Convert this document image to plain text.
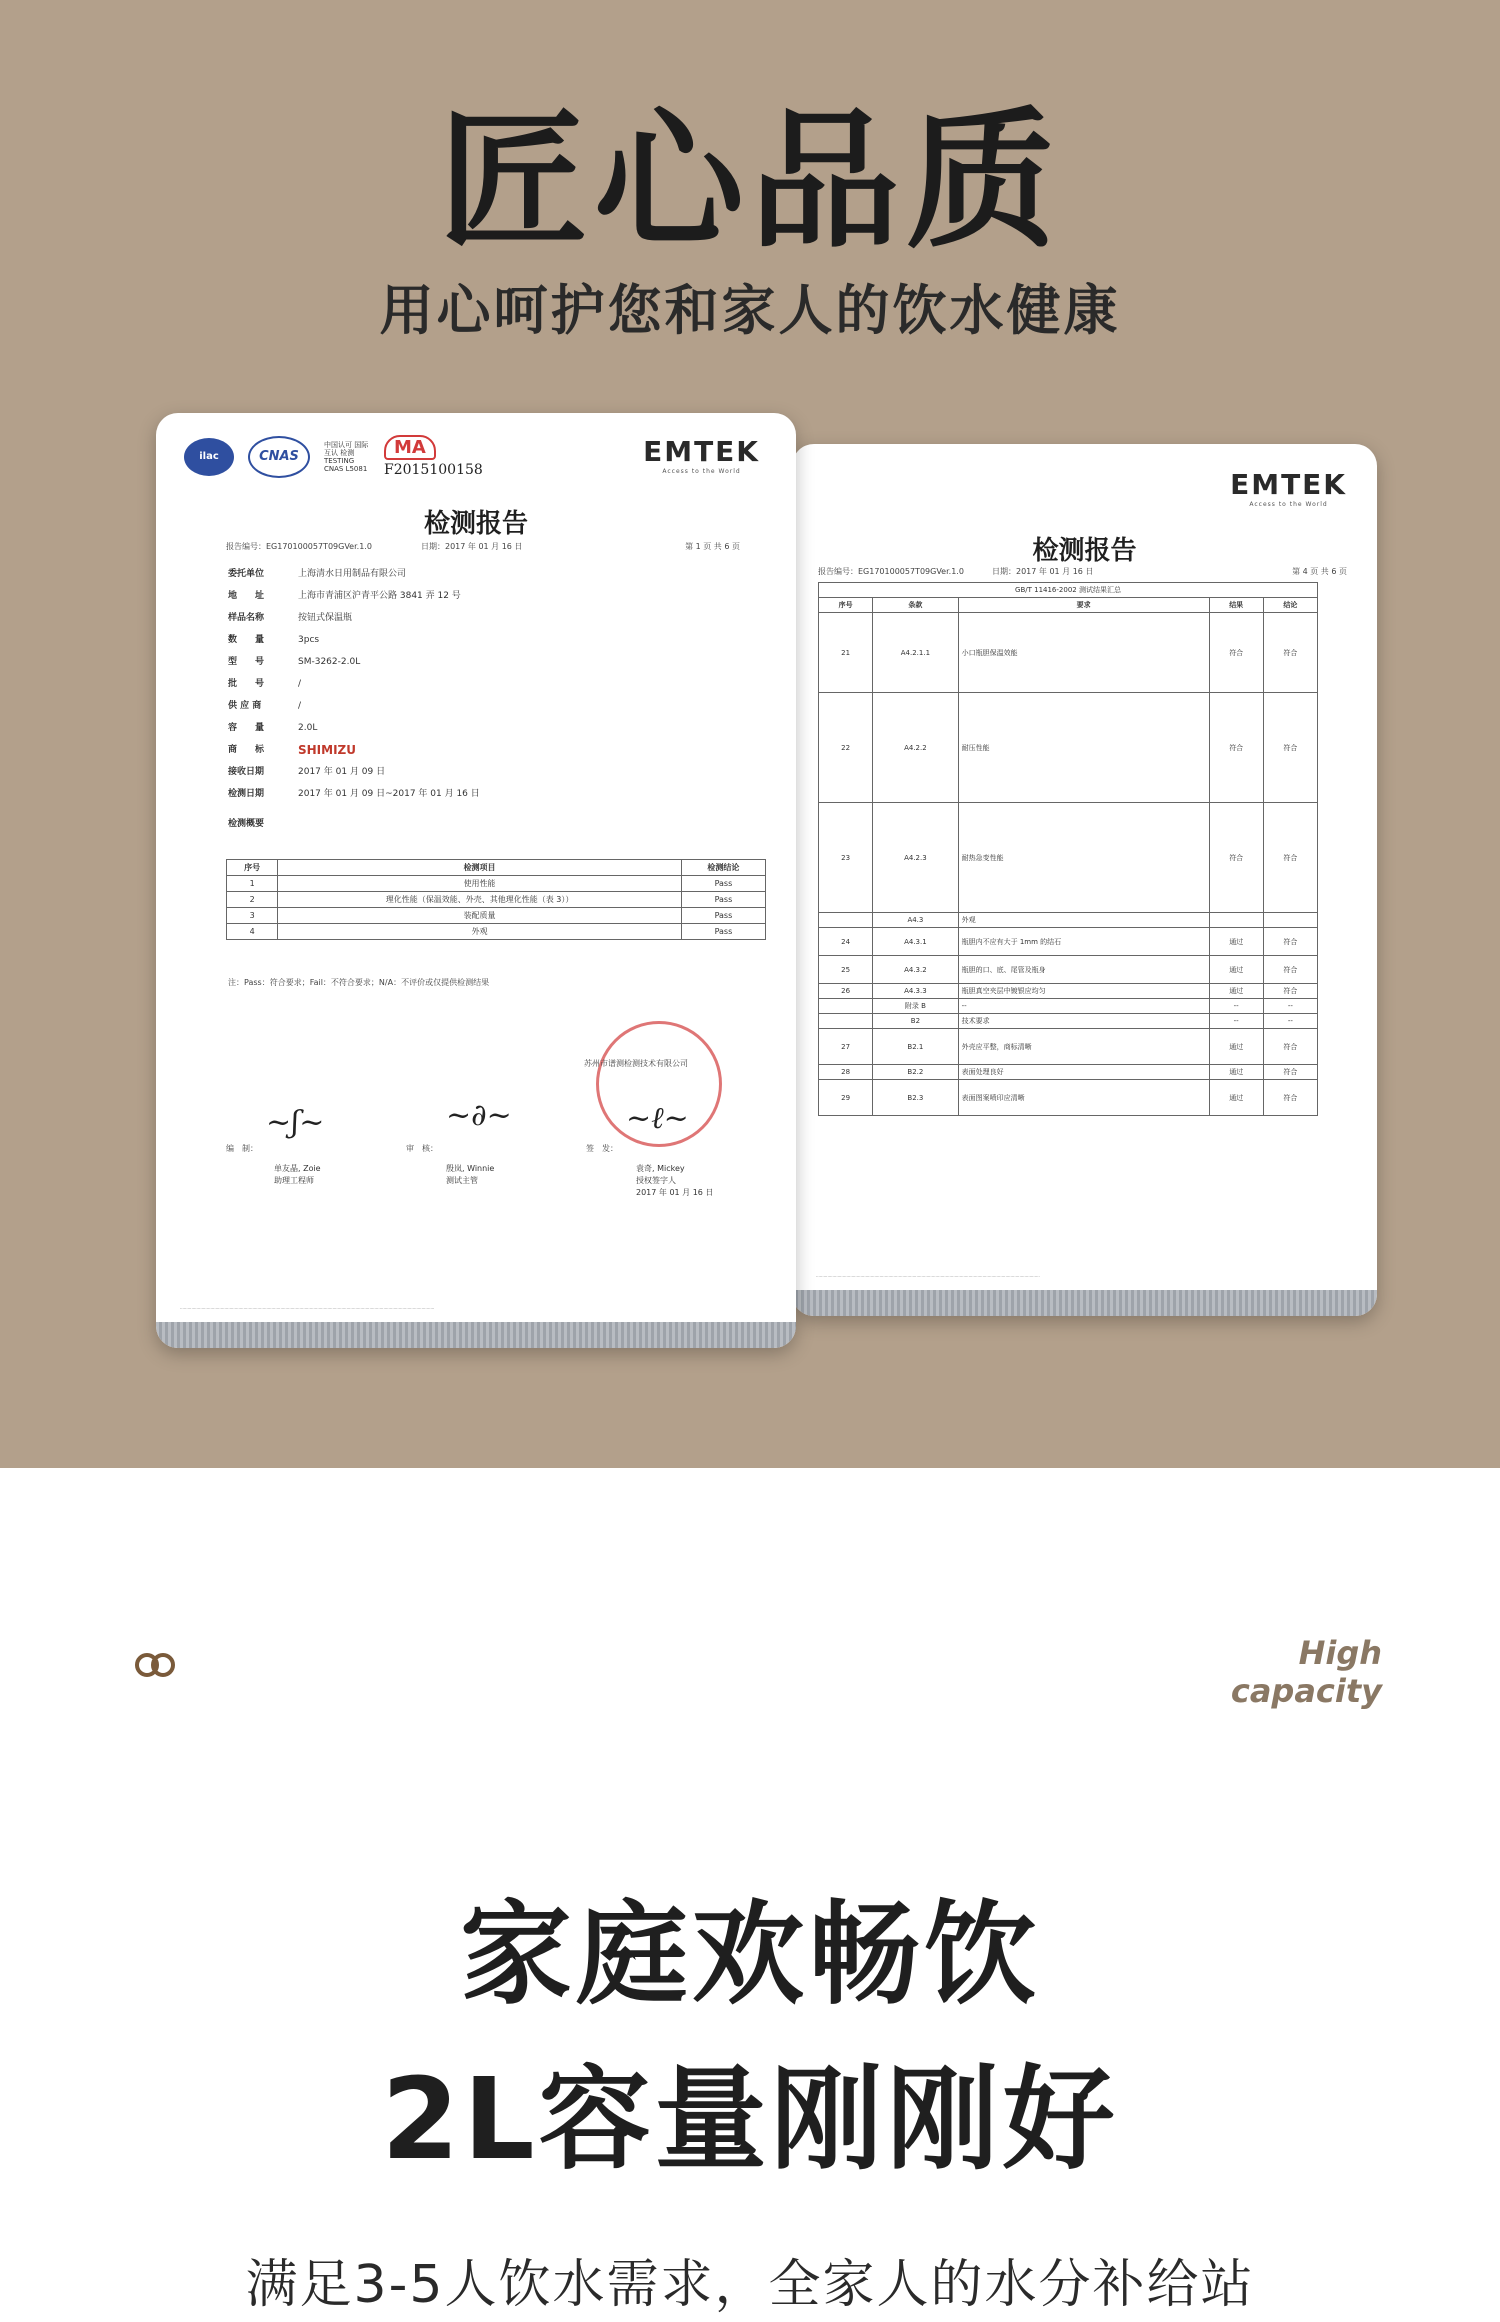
匠心品质
用心呵护您和家人的饮水健康
EMTEK
Access to the World
检测报告
报告编号：EG170100057T09GVer.1.0	日期：2017 年 01 月 16 日	第 4 页 共 6 页
GB/T 11416-2002 测试结果汇总				
序号	条款	要求	结果	结论
21	A4.2.1.1	小口瓶胆保温效能	符合	符合
22	A4.2.2	耐压性能	符合	符合
23	A4.2.3	耐热急变性能	符合	符合
	A4.3	外观		
24	A4.3.1	瓶胆内不应有大于 1mm 的结石	通过	符合
25	A4.3.2	瓶胆的口、底、尾管及瓶身	通过	符合
26	A4.3.3	瓶胆真空夹层中镀银应均匀	通过	符合
	附录 B	--	--	--
	B2	技术要求	--	--
27	B2.1	外壳应平整，商标清晰	通过	符合
28	B2.2	表面处理良好	通过	符合
29	B2.3	表面图案喷印应清晰	通过	符合
················································································································································································
ilac	CNAS
中国认可 国际互认 检测 TESTING CNAS L5081
MA
F2015100158
EMTEK
Access to the World
检测报告
报告编号：EG170100057T09GVer.1.0	日期：2017 年 01 月 16 日	第 1 页 共 6 页
委托单位	上海清水日用制品有限公司
地　　址	上海市青浦区沪青平公路 3841 弄 12 号
样品名称	按钮式保温瓶
数　　量	3pcs
型　　号	SM-3262-2.0L
批　　号	/
供 应 商	/
容　　量	2.0L
商　　标	SHIMIZU
接收日期	2017 年 01 月 09 日
检测日期	2017 年 01 月 09 日~2017 年 01 月 16 日
检测概要
序号	检测项目	检测结论
1	使用性能	Pass
2	理化性能（保温效能、外壳、其他理化性能（表 3））	Pass
3	装配质量	Pass
4	外观	Pass
注：Pass：符合要求；Fail：不符合要求；N/A：不评价或仅提供检测结果
苏州市谱测检测技术有限公司
编　制：	审　核：	签　发：
~ʃ~	~∂~	~ℓ~
单友晶, Zoie
助理工程师
殷岚, Winnie
测试主管
袁奇, Mickey
授权签字人
2017 年 01 月 16 日
········································································································································································································
High
capacity
家庭欢畅饮
2L容量刚刚好
满足3-5人饮水需求，全家人的水分补给站
